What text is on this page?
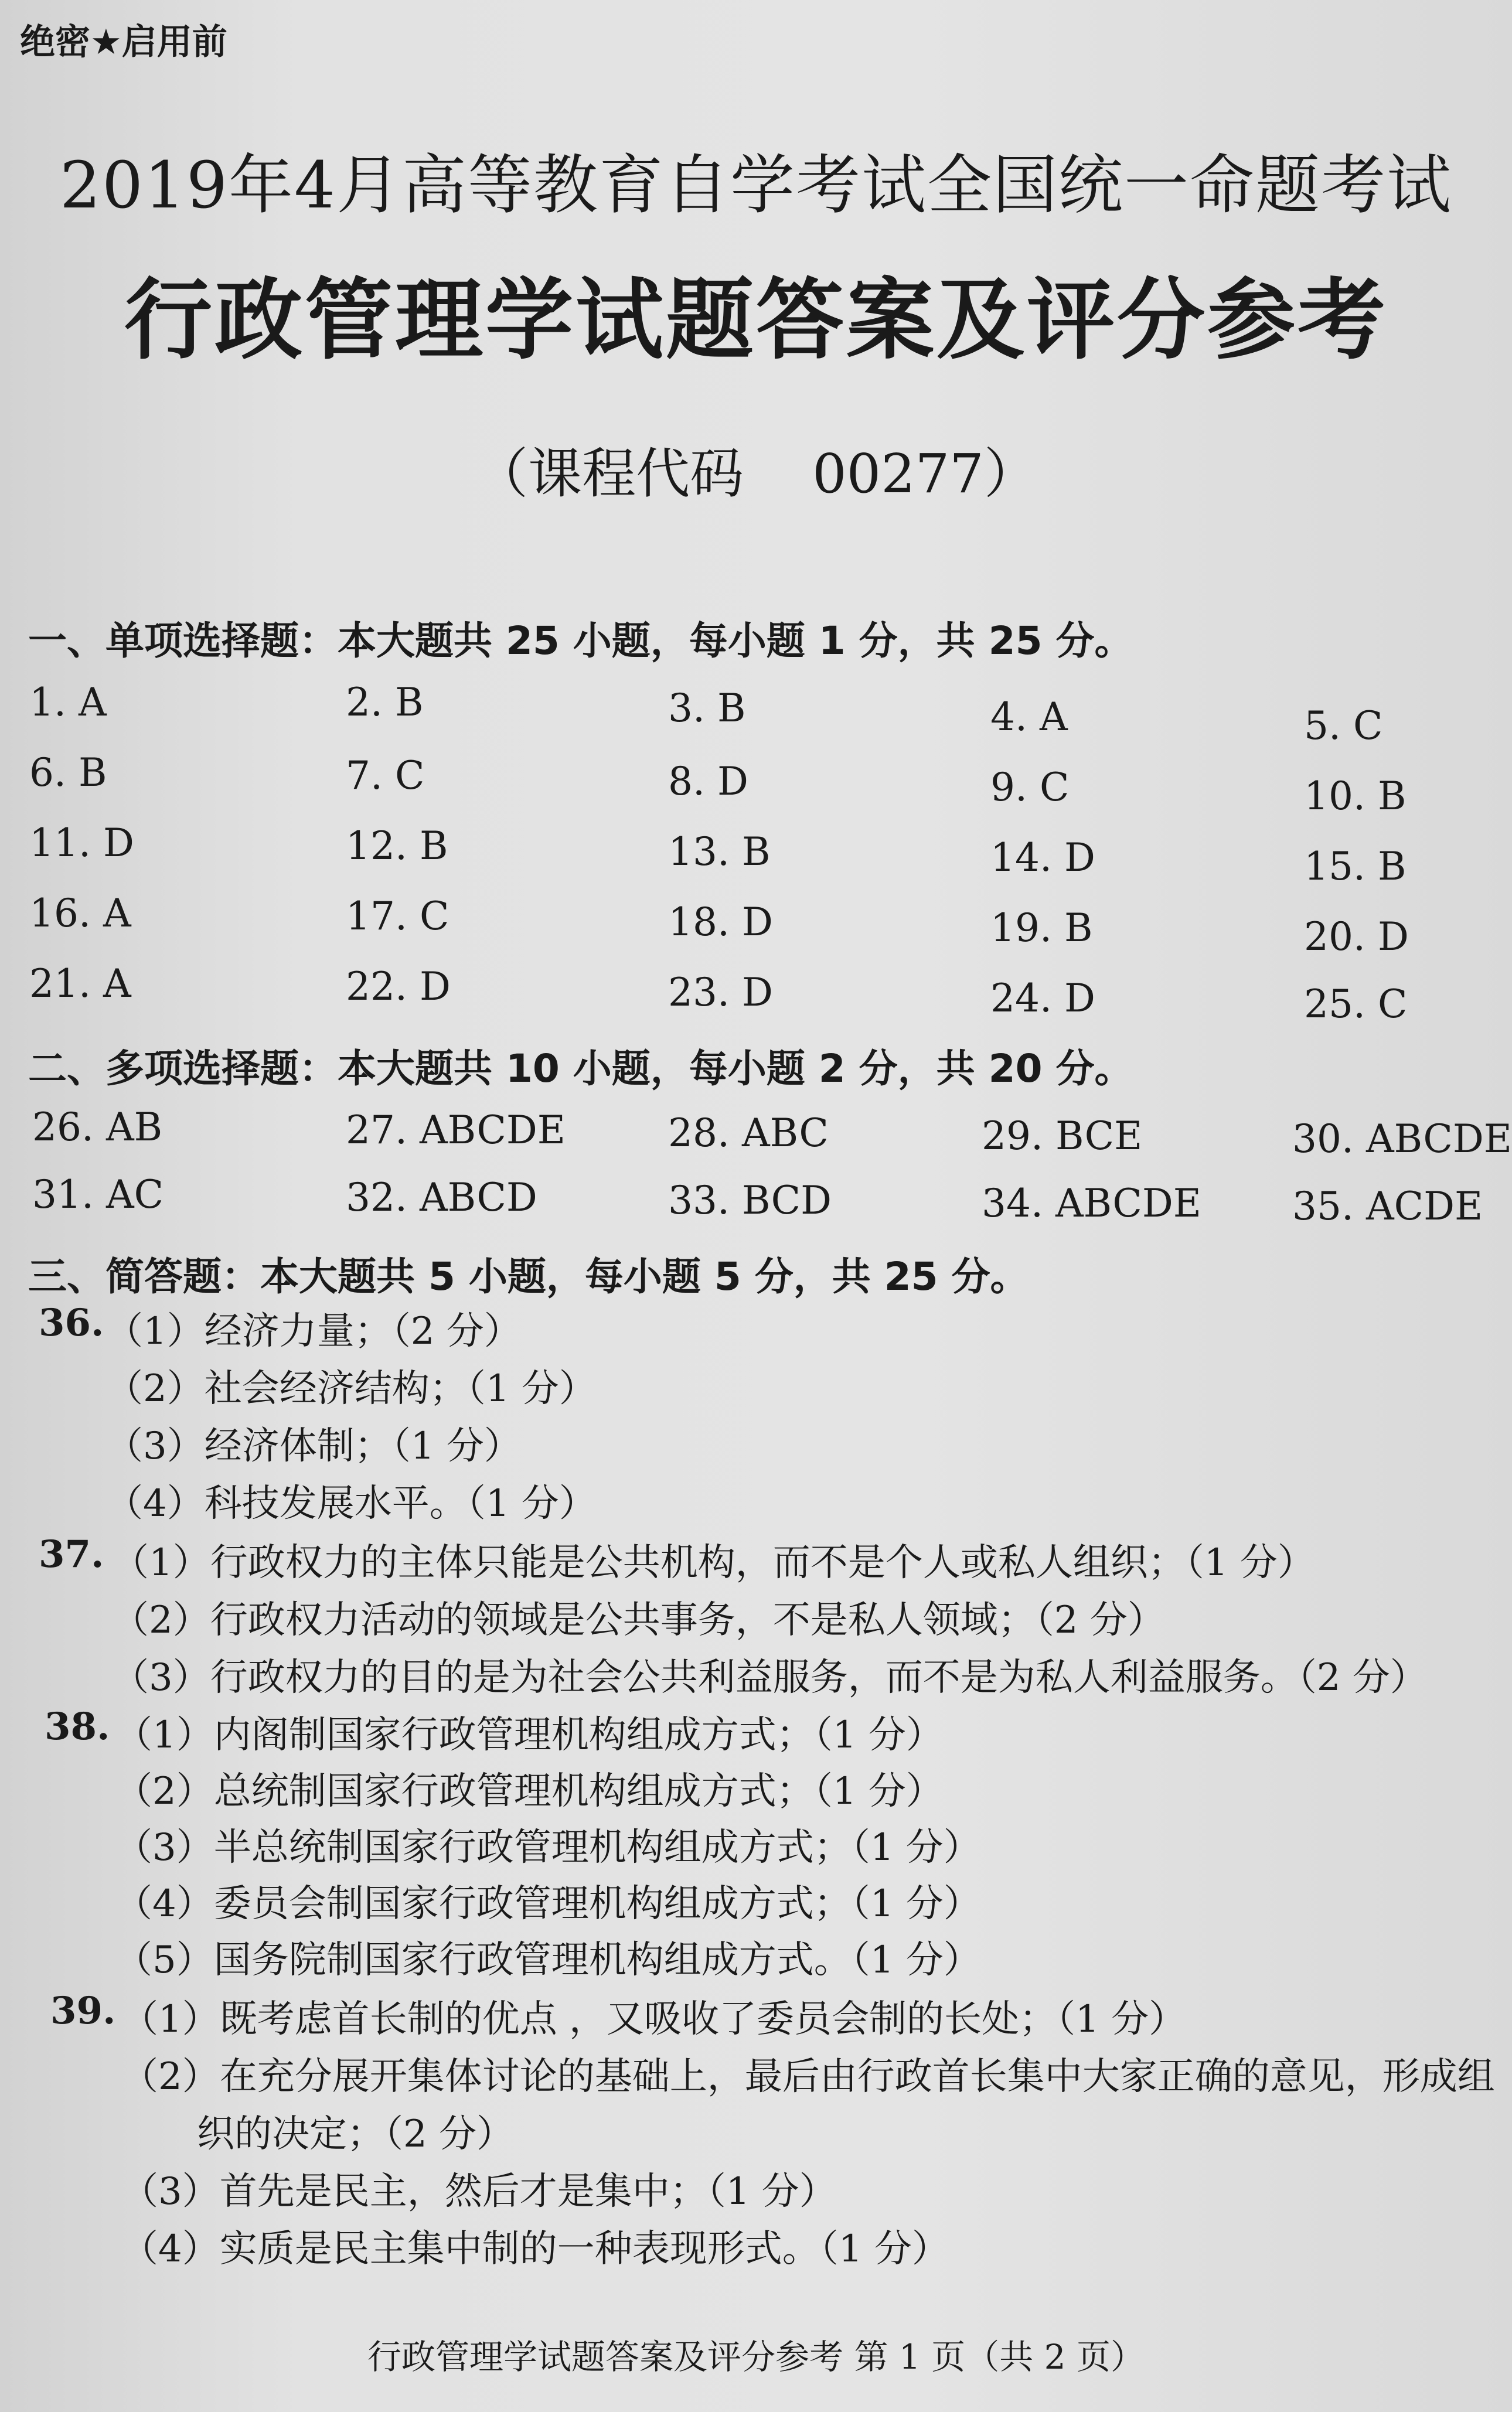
绝密★启用前
2019年4月高等教育自学考试全国统一命题考试
行政管理学试题答案及评分参考
（课程代码    00277）
一、单项选择题：本大题共 25 小题，每小题 1 分，共 25 分。
1. A	2. B	3. B	4. A	5. C
6. B	7. C	8. D	9. C	10. B
11. D	12. B	13. B	14. D	15. B
16. A	17. C	18. D	19. B	20. D
21. A	22. D	23. D	24. D	25. C
二、多项选择题：本大题共 10 小题，每小题 2 分，共 20 分。
26. AB	27. ABCDE	28. ABC	29. BCE	30. ABCDE
31. AC	32. ABCD	33. BCD	34. ABCDE 35. ACDE
三、简答题：本大题共 5 小题，每小题 5 分，共 25 分。
36. （1）经济力量；（2 分）
（2）社会经济结构；（1 分）
（3）经济体制；（1 分）
（4）科技发展水平。（1 分）
37. （1）行政权力的主体只能是公共机构，而不是个人或私人组织；（1 分）
（2）行政权力活动的领域是公共事务，不是私人领域；（2 分）
（3）行政权力的目的是为社会公共利益服务，而不是为私人利益服务。（2 分）
38. （1）内阁制国家行政管理机构组成方式；（1 分）
（2）总统制国家行政管理机构组成方式；（1 分）
（3）半总统制国家行政管理机构组成方式；（1 分）
（4）委员会制国家行政管理机构组成方式；（1 分）
（5）国务院制国家行政管理机构组成方式。（1 分）
39. （1）既考虑首长制的优点 ，又吸收了委员会制的长处；（1 分）
（2）在充分展开集体讨论的基础上，最后由行政首长集中大家正确的意见，形成组
织的决定；（2 分）
（3）首先是民主，然后才是集中；（1 分）
（4）实质是民主集中制的一种表现形式。（1 分）
行政管理学试题答案及评分参考 第 1 页（共 2 页）
